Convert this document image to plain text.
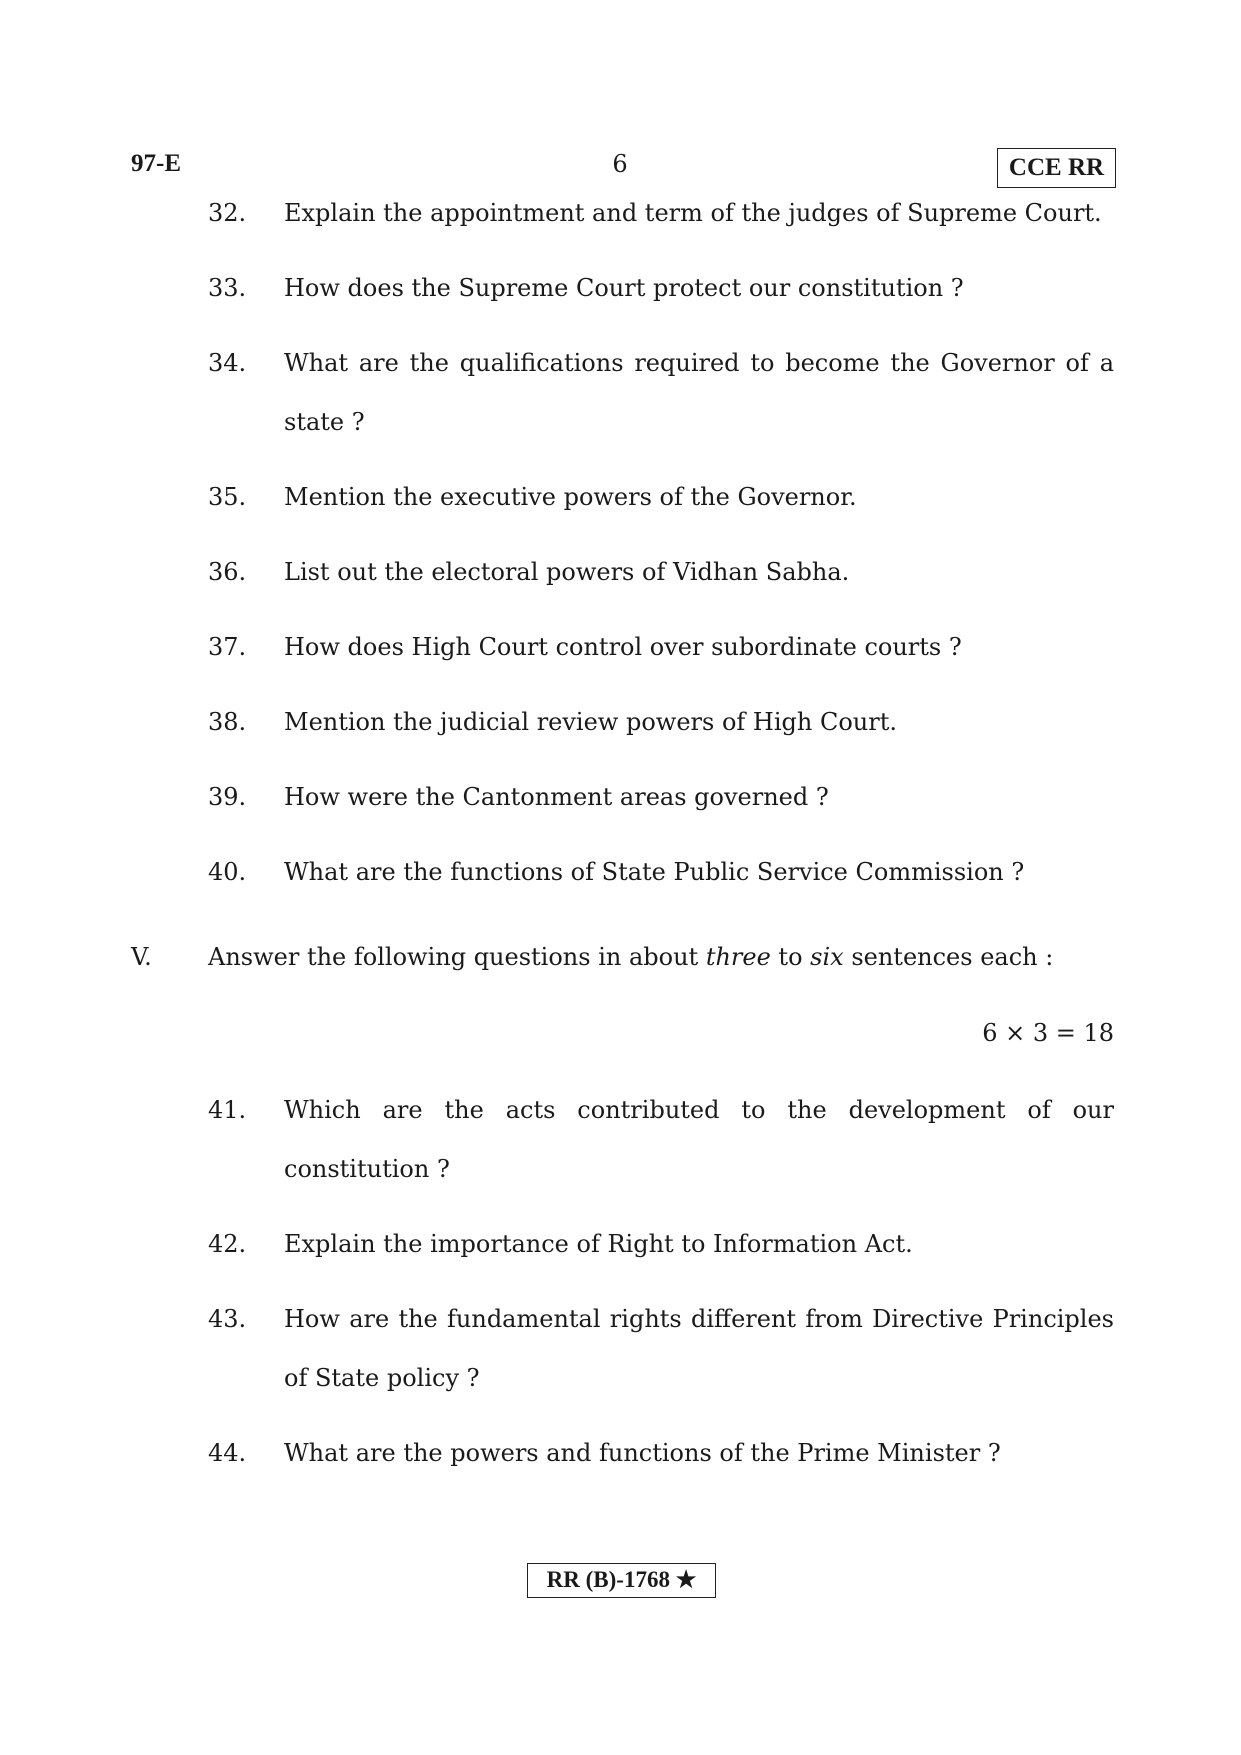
97-E	6	CCE RR
32. Explain the appointment and term of the judges of Supreme Court.
33. How does the Supreme Court protect our constitution ?
34. What are the qualifications required to become the Governor of a
state ?
35. Mention the executive powers of the Governor.
36. List out the electoral powers of Vidhan Sabha.
37. How does High Court control over subordinate courts ?
38. Mention the judicial review powers of High Court.
39. How were the Cantonment areas governed ?
40. What are the functions of State Public Service Commission ?
V. Answer the following questions in about three to six sentences each :
6 × 3 = 18
41. Which are the acts contributed to the development of our
constitution ?
42. Explain the importance of Right to Information Act.
43. How are the fundamental rights different from Directive Principles
of State policy ?
44. What are the powers and functions of the Prime Minister ?
RR (B)-1768 ★
